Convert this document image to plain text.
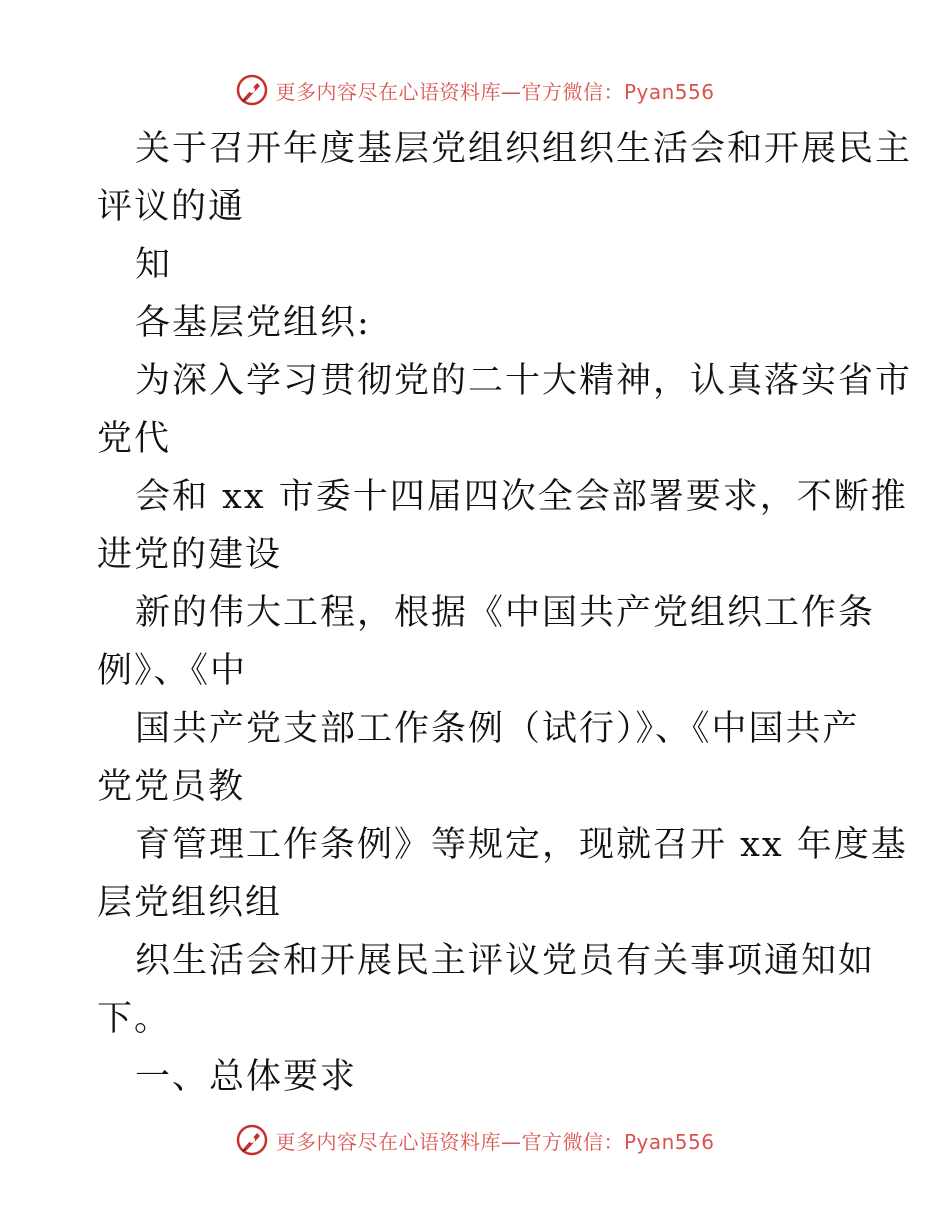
更多内容尽在心语资料库—官方微信：Pyan556
关于召开年度基层党组织组织生活会和开展民主
评议的通
知
各基层党组织:
为深入学习贯彻党的二十大精神，认真落实省市
党代
会和 xx 市委十四届四次全会部署要求，不断推
进党的建设
新的伟大工程，根据《中国共产党组织工作条
例》、《中
国共产党支部工作条例（试行）》、《中国共产
党党员教
育管理工作条例》等规定，现就召开 xx 年度基
层党组织组
织生活会和开展民主评议党员有关事项通知如
下。
一、总体要求
更多内容尽在心语资料库—官方微信：Pyan556
